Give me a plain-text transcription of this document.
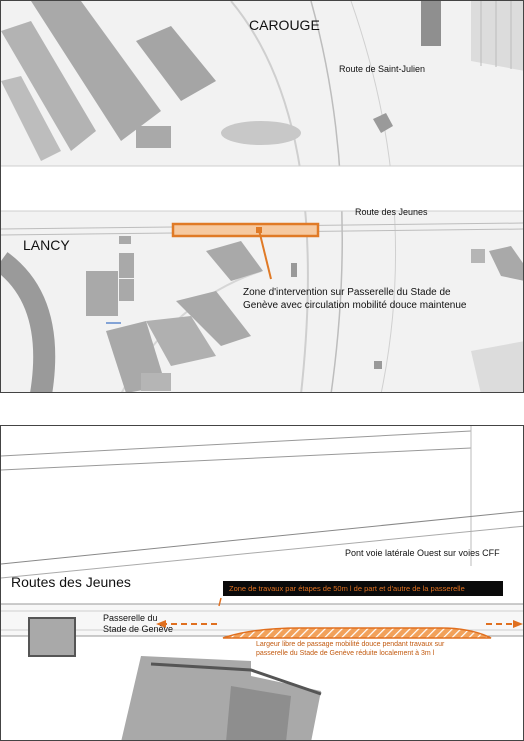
CAROUGE
Route de Saint-Julien
Route des Jeunes
LANCY
Zone d'intervention sur Passerelle du Stade de
Genève avec circulation mobilité douce maintenue
Pont voie latérale Ouest sur voies CFF
Routes des Jeunes	Zone de travaux par étapes de 50m l de part et d'autre de la passerelle
Passerelle du
Stade de Genève
Largeur libre de passage mobilité douce pendant travaux sur
passerelle du Stade de Genève réduite localement à 3m l
